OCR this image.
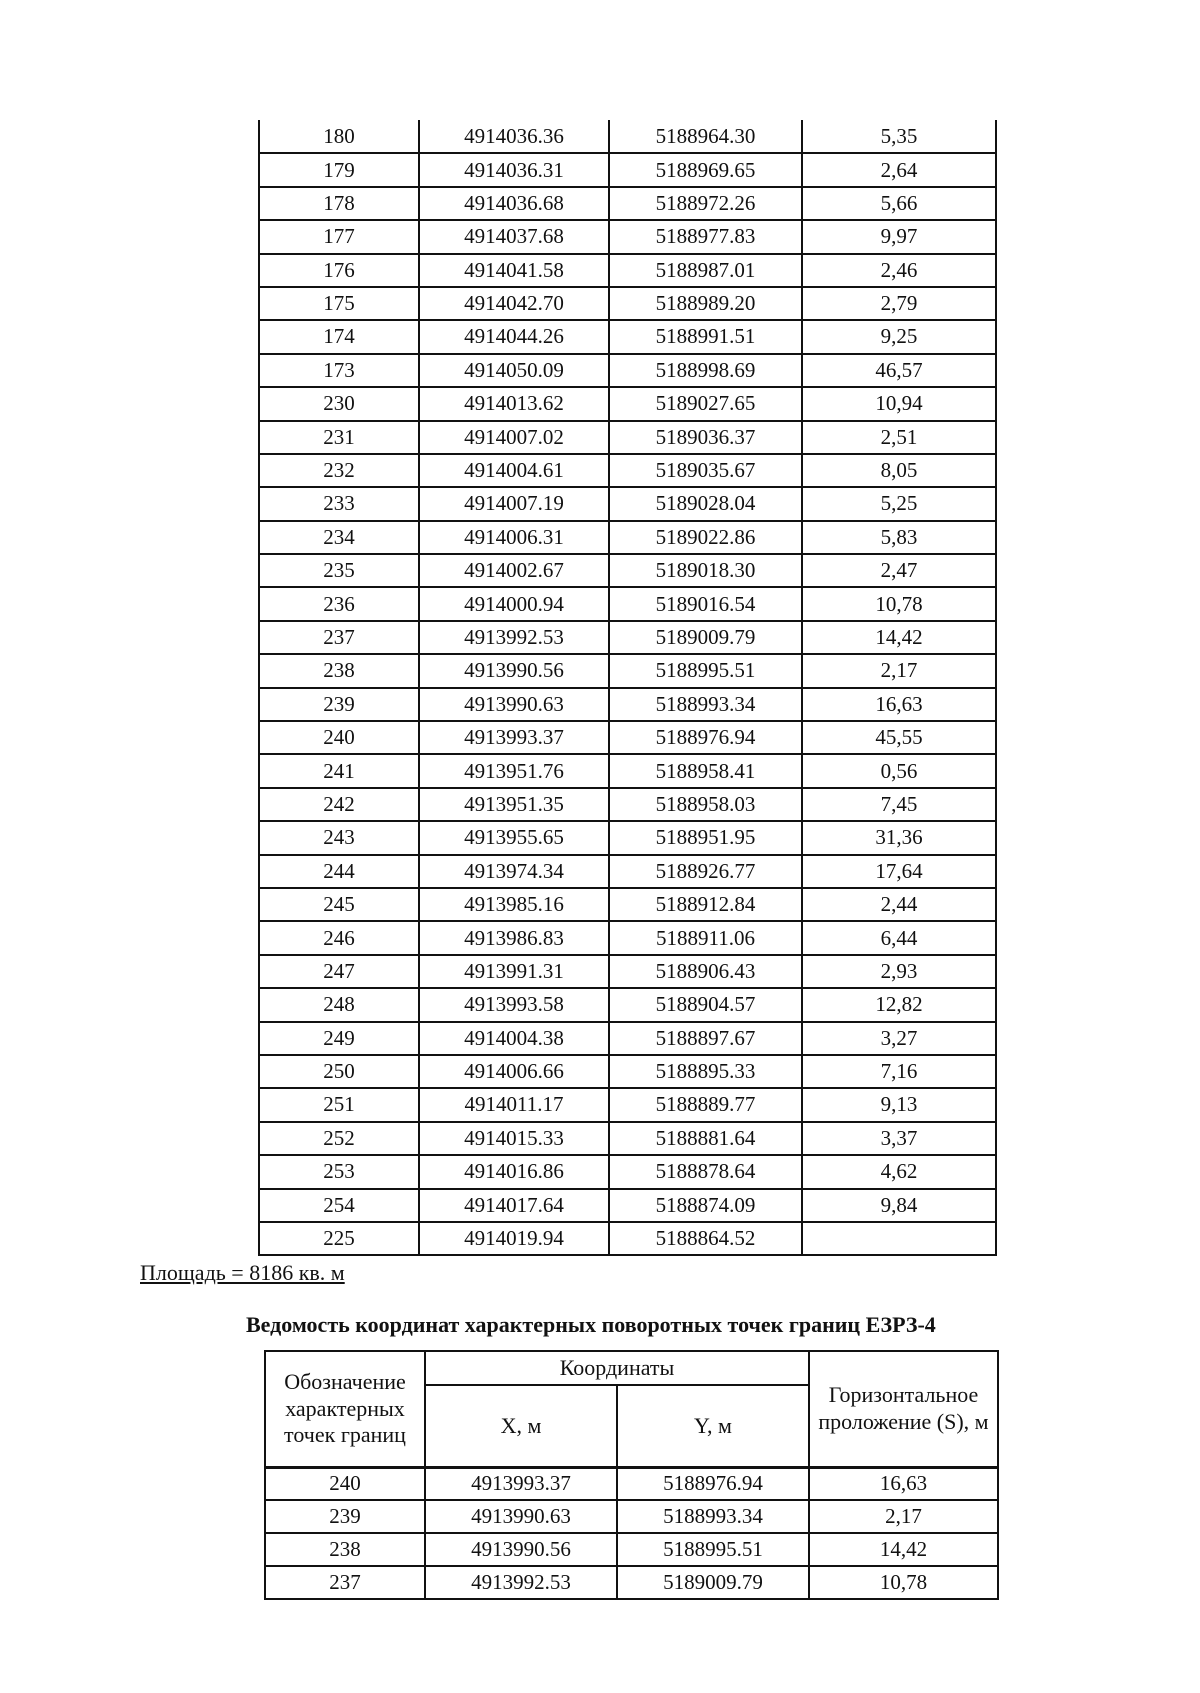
180	4914036.36	5188964.30	5,35
179	4914036.31	5188969.65	2,64
178	4914036.68	5188972.26	5,66
177	4914037.68	5188977.83	9,97
176	4914041.58	5188987.01	2,46
175	4914042.70	5188989.20	2,79
174	4914044.26	5188991.51	9,25
173	4914050.09	5188998.69	46,57
230	4914013.62	5189027.65	10,94
231	4914007.02	5189036.37	2,51
232	4914004.61	5189035.67	8,05
233	4914007.19	5189028.04	5,25
234	4914006.31	5189022.86	5,83
235	4914002.67	5189018.30	2,47
236	4914000.94	5189016.54	10,78
237	4913992.53	5189009.79	14,42
238	4913990.56	5188995.51	2,17
239	4913990.63	5188993.34	16,63
240	4913993.37	5188976.94	45,55
241	4913951.76	5188958.41	0,56
242	4913951.35	5188958.03	7,45
243	4913955.65	5188951.95	31,36
244	4913974.34	5188926.77	17,64
245	4913985.16	5188912.84	2,44
246	4913986.83	5188911.06	6,44
247	4913991.31	5188906.43	2,93
248	4913993.58	5188904.57	12,82
249	4914004.38	5188897.67	3,27
250	4914006.66	5188895.33	7,16
251	4914011.17	5188889.77	9,13
252	4914015.33	5188881.64	3,37
253	4914016.86	5188878.64	4,62
254	4914017.64	5188874.09	9,84
225	4914019.94	5188864.52	
Площадь = 8186 кв. м
Ведомость координат характерных поворотных точек границ ЕЗРЗ-4
Обозначение характерных точек границ	Координаты		Горизонтальное проложение (S), м
	X, м	Y, м	
240	4913993.37	5188976.94	16,63
239	4913990.63	5188993.34	2,17
238	4913990.56	5188995.51	14,42
237	4913992.53	5189009.79	10,78
